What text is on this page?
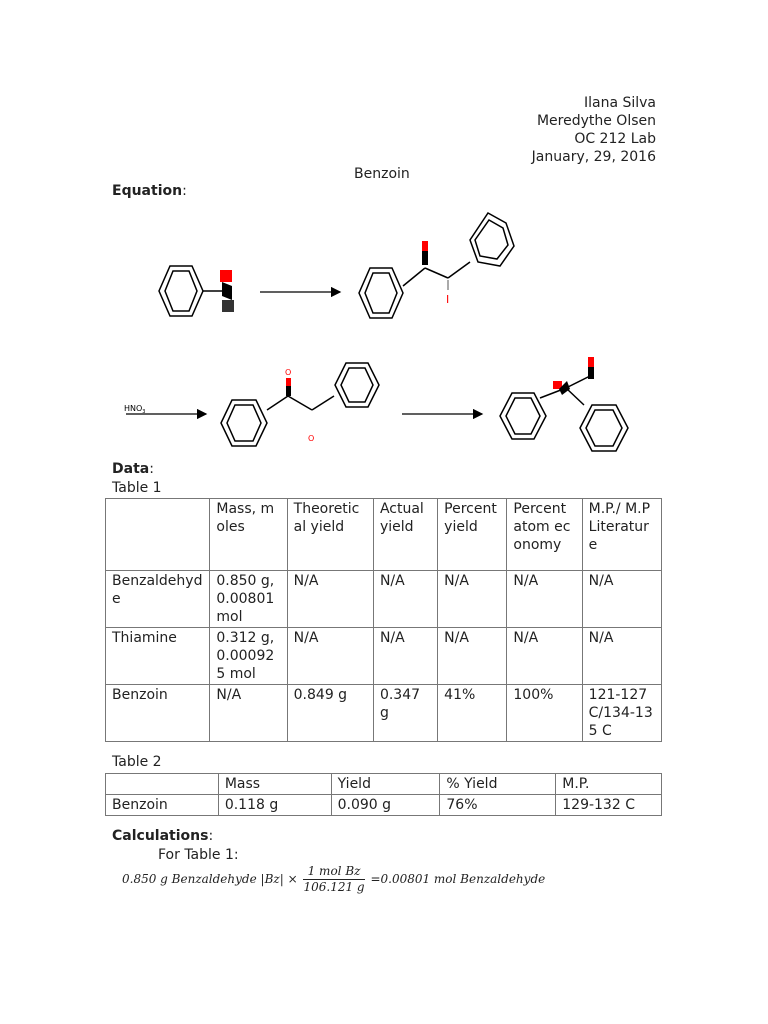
Ilana Silva
Meredythe Olsen
OC 212 Lab
January, 29, 2016
Benzoin
Equation:
I
$HNO_3$
O
O
Data:
Table 1
	Mass, moles	Theoretical yield	Actual yield	Percent yield	Percent atom economy	M.P./ M.P Literature
Benzaldehyde	0.850 g, 0.00801 mol	N/A	N/A	N/A	N/A	N/A
Thiamine	0.312 g, 0.000925 mol	N/A	N/A	N/A	N/A	N/A
Benzoin	N/A	0.849 g	0.347 g	41%	100%	121-127 C/134-135 C
Table 2
	Mass	Yield	% Yield	M.P.
Benzoin	0.118 g	0.090 g	76%	129-132 C
Calculations:
For Table 1:
0.850 g Benzaldehyde $|Bz| \times \frac{\text{1 mol Bz}}{106.121 g} =0.00801$ mol Benzaldehyde
